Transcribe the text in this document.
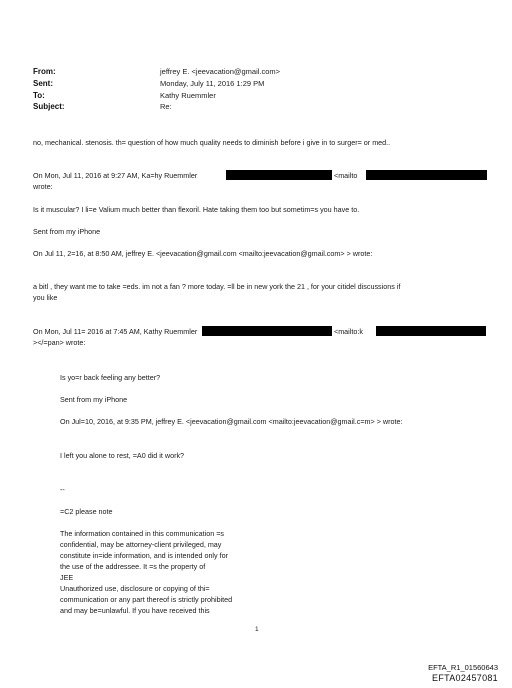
From:	jeffrey E. <jeevacation@gmail.com>
Sent:	Monday, July 11, 2016 1:29 PM
To:	Kathy Ruemmler
Subject:	Re:
no, mechanical. stenosis. th= question of how much quality needs to diminish before i give in to surger= or med..
On Mon, Jul 11, 2016 at 9:27 AM, Ka=hy Ruemmler	<mailto
wrote:
Is it muscular? I li=e Valium much better than flexoril. Hate taking them too but sometim=s you have to.
Sent from my iPhone
On Jul 11, 2=16, at 8:50 AM, jeffrey E. <jeevacation@gmail.com <mailto:jeevacation@gmail.com> > wrote:
a bitl , they want me to take =eds. im not a fan ? more today. =ll be in new york the 21 , for your citidel discussions if
you like
On Mon, Jul 11= 2016 at 7:45 AM, Kathy Ruemmler	<mailto:k
></=pan> wrote:
Is yo=r back feeling any better?
Sent from my iPhone
On Jul=10, 2016, at 9:35 PM, jeffrey E. <jeevacation@gmail.com <mailto:jeevacation@gmail.c=m> > wrote:
I left you alone to rest, =A0 did it work?
--
=C2 please note
The information contained in this communication =s
confidential, may be attorney-client privileged, may
constitute in=ide information, and is intended only for
the use of the addressee. It =s the property of
JEE
Unauthorized use, disclosure or copying of thi=
communication or any part thereof is strictly prohibited
and may be=unlawful. If you have received this
1
EFTA_R1_01560643
EFTA02457081
